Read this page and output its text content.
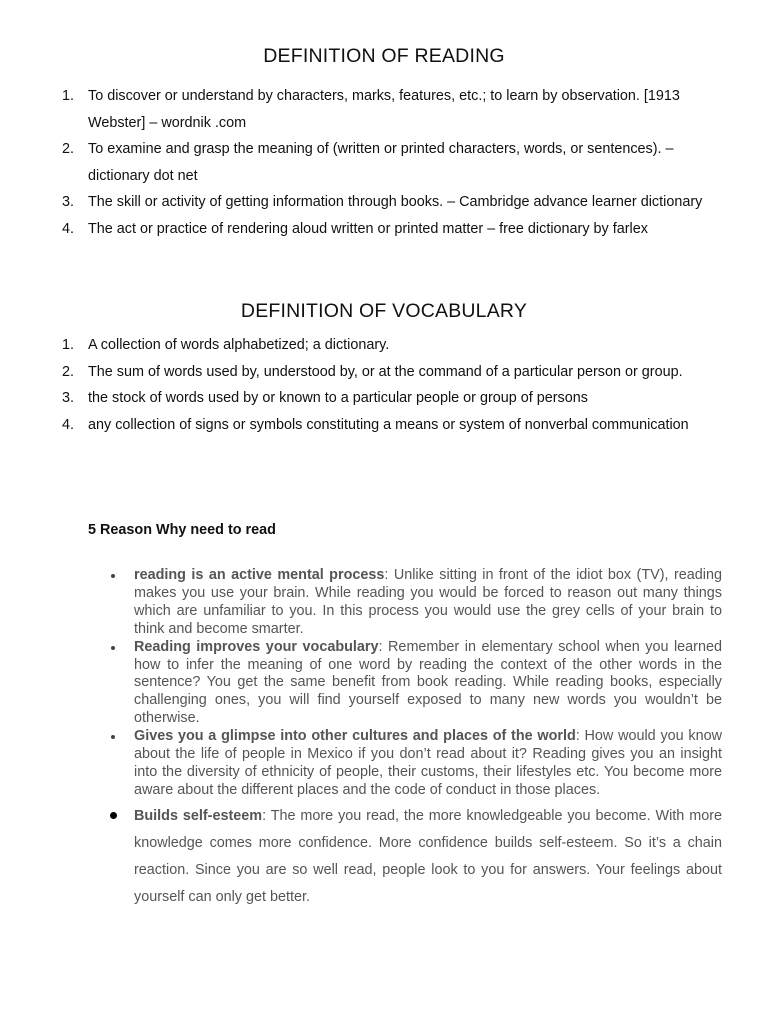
DEFINITION OF READING
1. To discover or understand by characters, marks, features, etc.; to learn by observation. [1913 Webster] – wordnik .com
2. To examine and grasp the meaning of (written or printed characters, words, or sentences). – dictionary dot net
3. The skill or activity of getting information through books. – Cambridge advance learner dictionary
4. The act or practice of rendering aloud written or printed matter – free dictionary by farlex
DEFINITION OF VOCABULARY
1. A collection of words alphabetized; a dictionary.
2. The sum of words used by, understood by, or at the command of a particular person or group.
3. the stock of words used by or known to a particular people or group of persons
4. any collection of signs or symbols constituting a means or system of nonverbal communication
5 Reason Why need to read
reading is an active mental process: Unlike sitting in front of the idiot box (TV), reading makes you use your brain. While reading you would be forced to reason out many things which are unfamiliar to you. In this process you would use the grey cells of your brain to think and become smarter.
Reading improves your vocabulary: Remember in elementary school when you learned how to infer the meaning of one word by reading the context of the other words in the sentence? You get the same benefit from book reading. While reading books, especially challenging ones, you will find yourself exposed to many new words you wouldn’t be otherwise.
Gives you a glimpse into other cultures and places of the world: How would you know about the life of people in Mexico if you don’t read about it? Reading gives you an insight into the diversity of ethnicity of people, their customs, their lifestyles etc. You become more aware about the different places and the code of conduct in those places.
Builds self-esteem: The more you read, the more knowledgeable you become. With more knowledge comes more confidence. More confidence builds self-esteem. So it’s a chain reaction. Since you are so well read, people look to you for answers. Your feelings about yourself can only get better.
